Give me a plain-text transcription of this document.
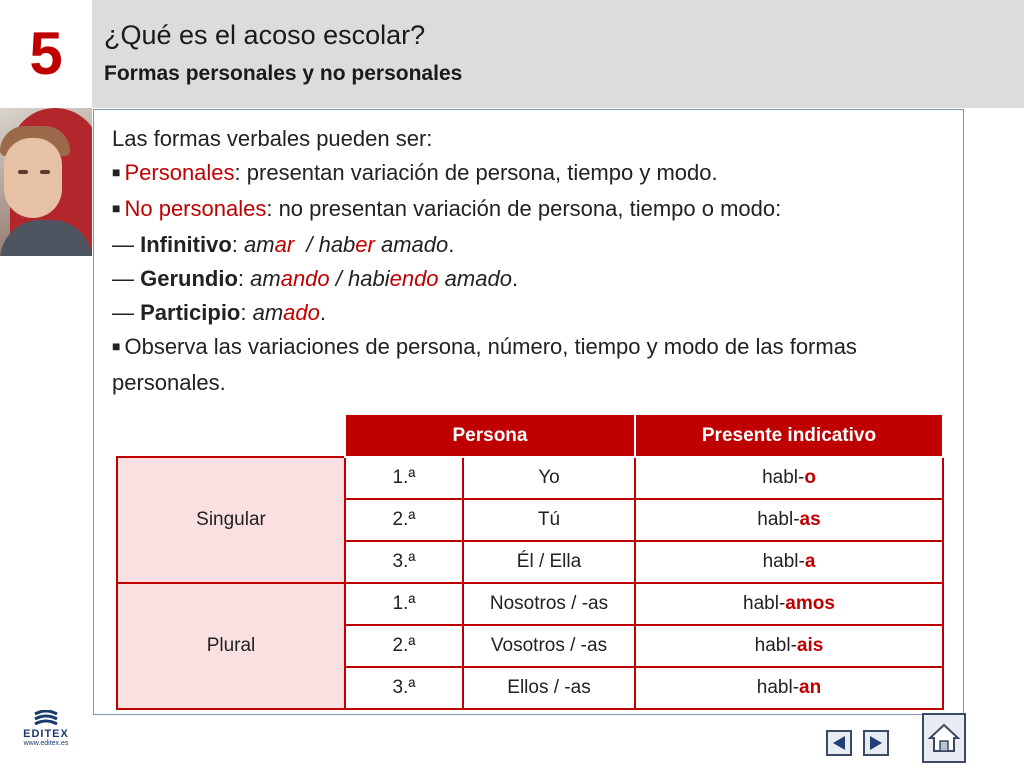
5 ¿Qué es el acoso escolar?
Formas personales y no personales
Las formas verbales pueden ser:
■ Personales: presentan variación de persona, tiempo y modo.
■ No personales: no presentan variación de persona, tiempo o modo:
— Infinitivo: amar  / haber amado.
— Gerundio: amando / habiendo amado.
— Participio: amado.
■ Observa las variaciones de persona, número, tiempo y modo de las formas personales.
	Persona		Presente indicativo
Singular	1.ª	Yo	habl-o
	2.ª	Tú	habl-as
	3.ª	Él / Ella	habl-a
Plural	1.ª	Nosotros / -as	habl-amos
	2.ª	Vosotros / -as	habl-ais
	3.ª	Ellos / -as	habl-an
EDITEX
www.editex.es
